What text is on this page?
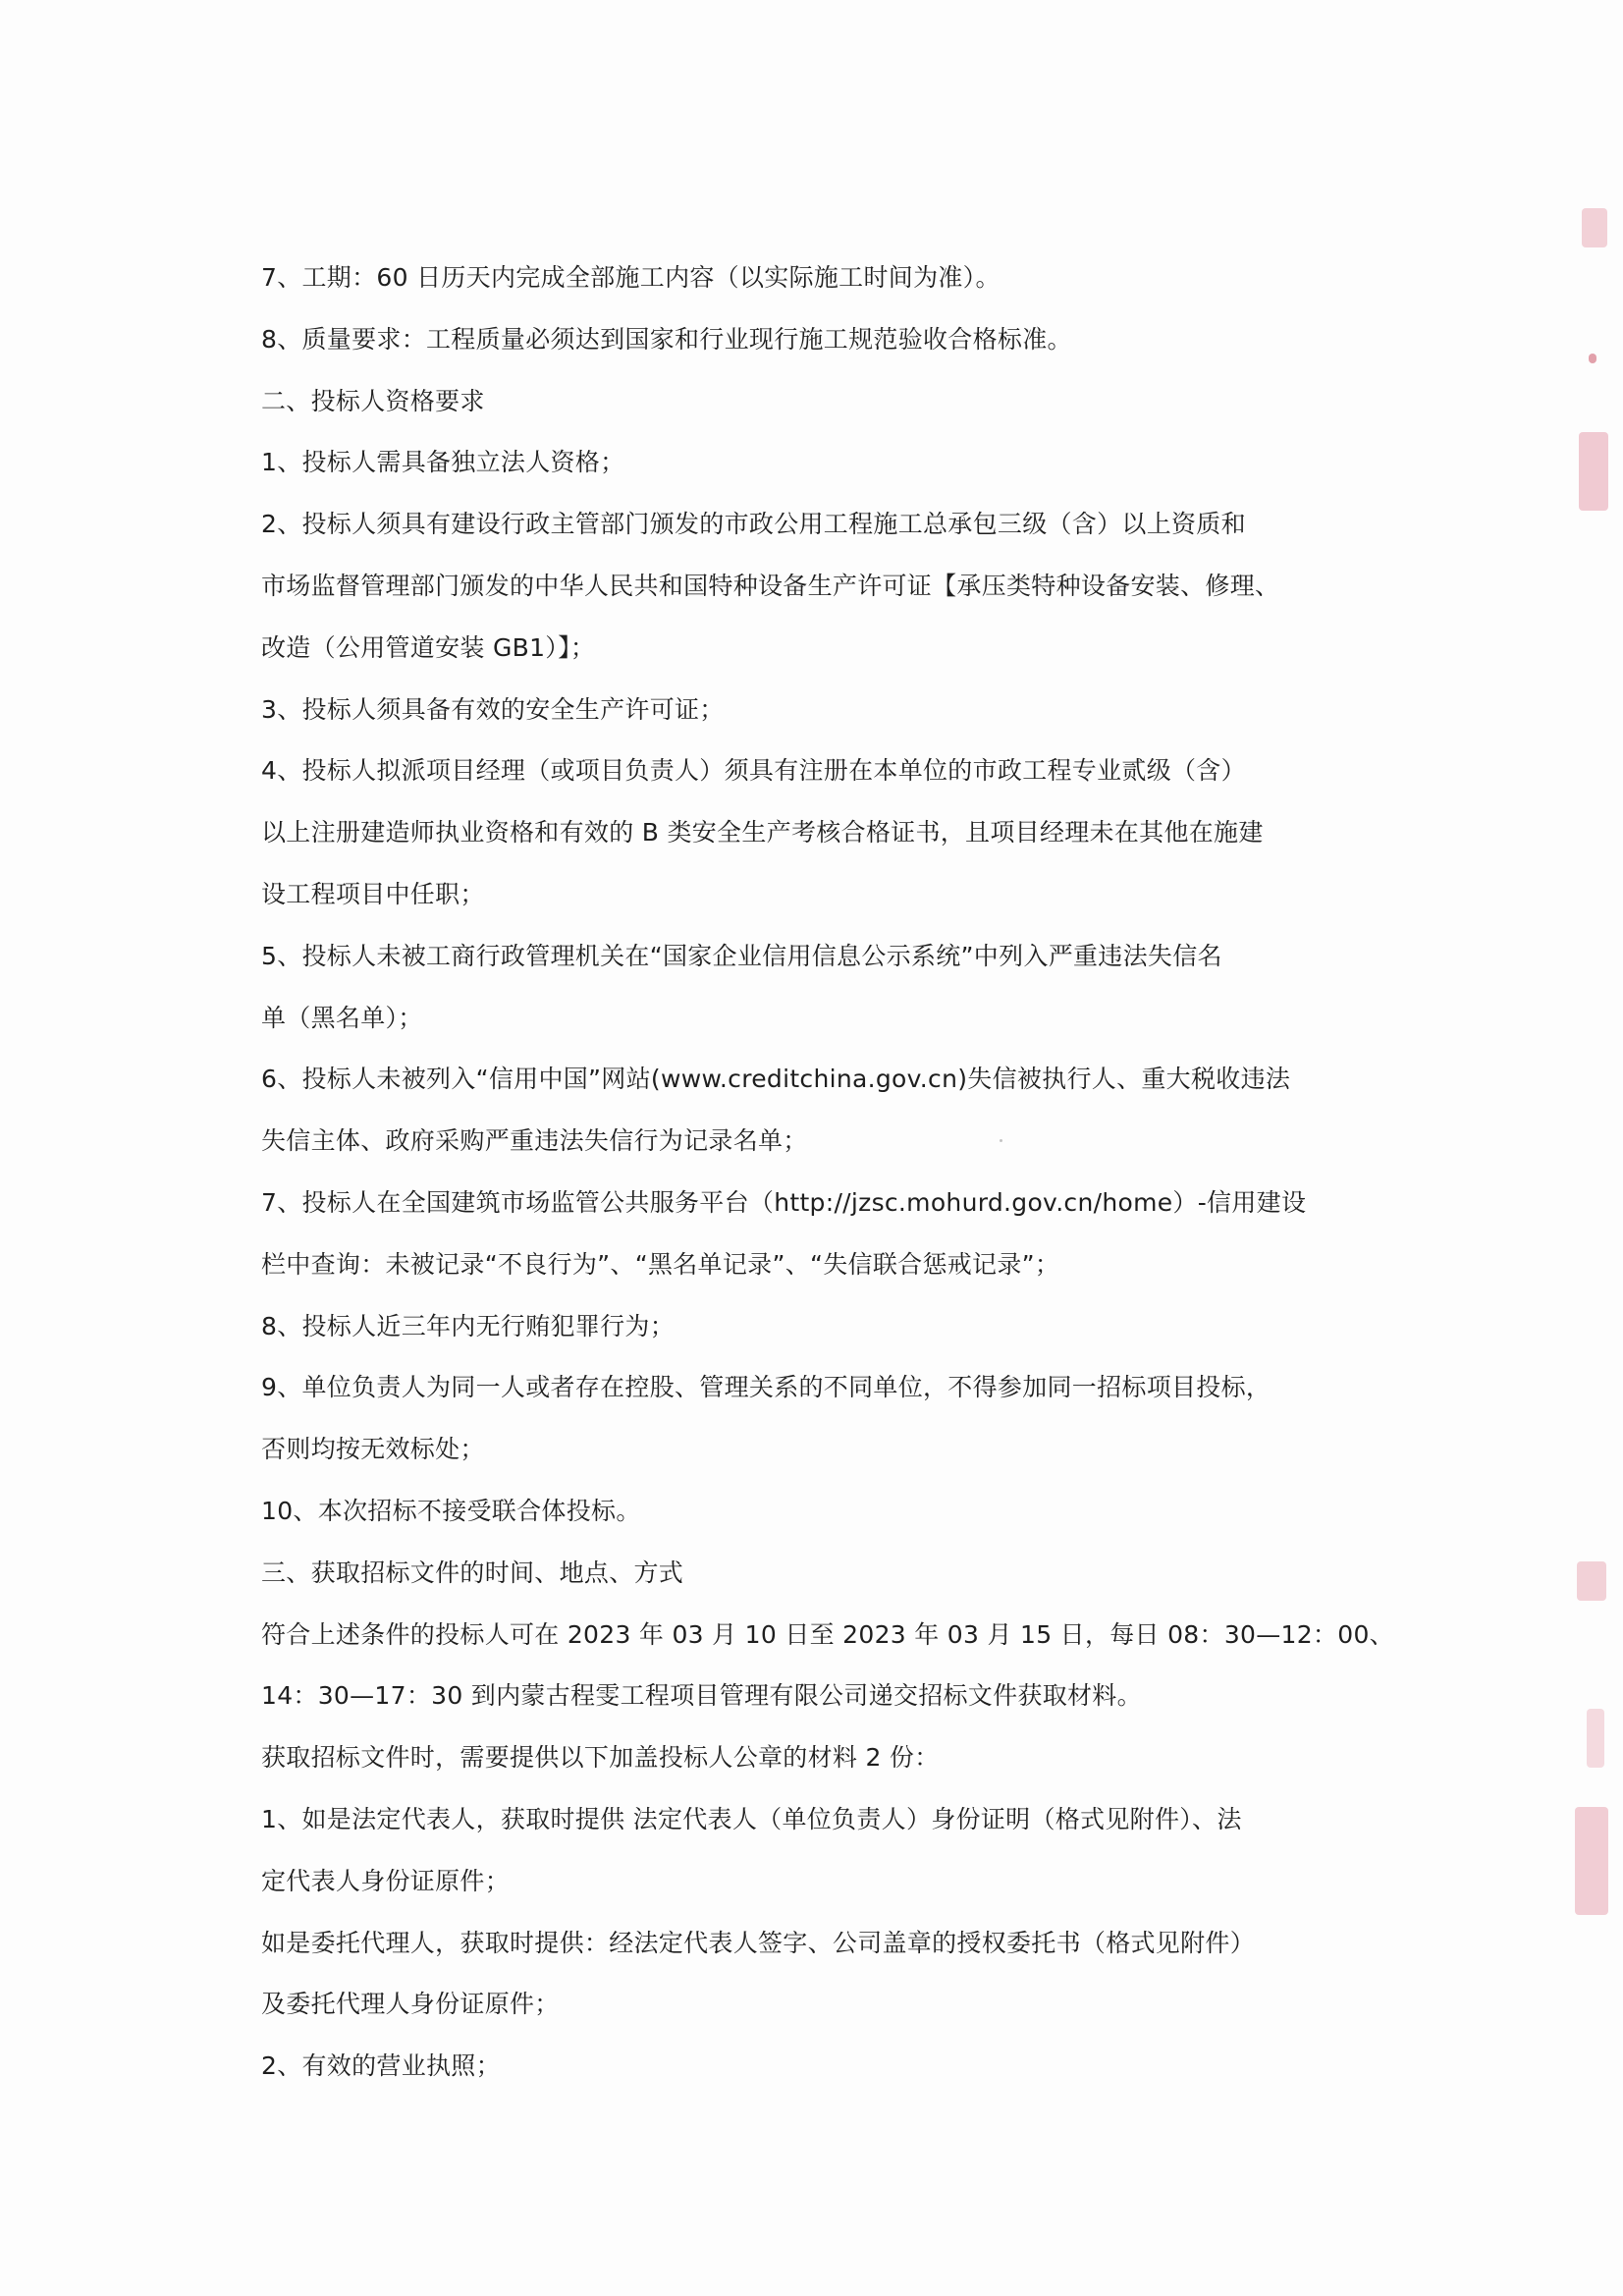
7、工期：60 日历天内完成全部施工内容（以实际施工时间为准）。
8、质量要求：工程质量必须达到国家和行业现行施工规范验收合格标准。
二、投标人资格要求
1、投标人需具备独立法人资格；
2、投标人须具有建设行政主管部门颁发的市政公用工程施工总承包三级（含）以上资质和
市场监督管理部门颁发的中华人民共和国特种设备生产许可证【承压类特种设备安装、修理、
改造（公用管道安装 GB1）】；
3、投标人须具备有效的安全生产许可证；
4、投标人拟派项目经理（或项目负责人）须具有注册在本单位的市政工程专业贰级（含）
以上注册建造师执业资格和有效的 B 类安全生产考核合格证书，且项目经理未在其他在施建
设工程项目中任职；
5、投标人未被工商行政管理机关在“国家企业信用信息公示系统”中列入严重违法失信名
单（黑名单）；
6、投标人未被列入“信用中国”网站(www.creditchina.gov.cn)失信被执行人、重大税收违法
失信主体、政府采购严重违法失信行为记录名单；
7、投标人在全国建筑市场监管公共服务平台（http://jzsc.mohurd.gov.cn/home）-信用建设
栏中查询：未被记录“不良行为”、“黑名单记录”、“失信联合惩戒记录”；
8、投标人近三年内无行贿犯罪行为；
9、单位负责人为同一人或者存在控股、管理关系的不同单位，不得参加同一招标项目投标，
否则均按无效标处；
10、本次招标不接受联合体投标。
三、获取招标文件的时间、地点、方式
符合上述条件的投标人可在 2023 年 03 月 10 日至 2023 年 03 月 15 日，每日 08：30—12：00、
14：30—17：30 到内蒙古程雯工程项目管理有限公司递交招标文件获取材料。
获取招标文件时，需要提供以下加盖投标人公章的材料 2 份：
1、如是法定代表人，获取时提供 法定代表人（单位负责人）身份证明（格式见附件）、法
定代表人身份证原件；
如是委托代理人，获取时提供：经法定代表人签字、公司盖章的授权委托书（格式见附件）
及委托代理人身份证原件；
2、有效的营业执照；
